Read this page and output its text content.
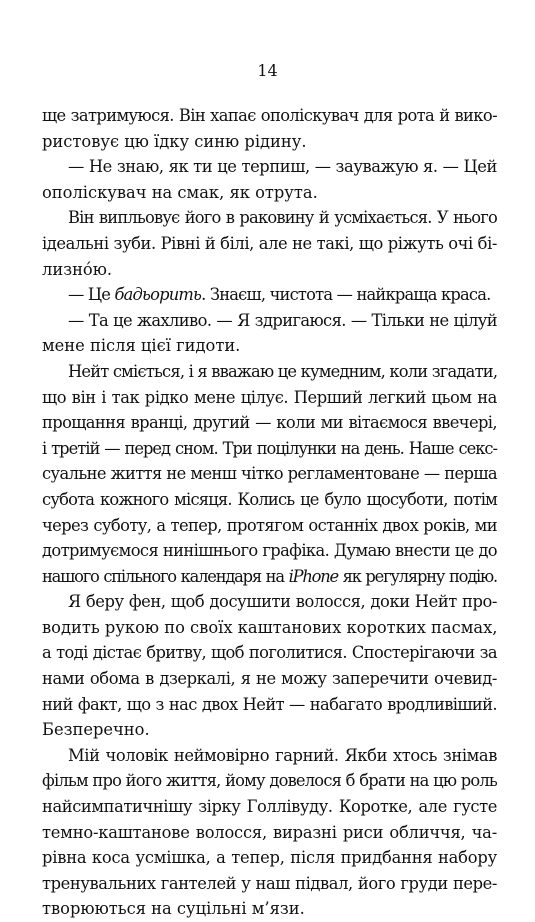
14

ще затримуюся. Він хапає ополіскувач для рота й вико-
ристовує цю їдку синю рідину.

— Не знаю, як ти це терпиш, — зауважую я. — Цей
ополіскувач на смак, як отрута.

Він випльовує його в раковину й усміхається. У нього
ідеальні зуби. Рівні й білі, але не такі, що ріжуть очі бі-
лизно́ю.

— Це бадьорить. Знаєш, чистота — найкраща краса.

— Та це жахливо. — Я здригаюся. — Тільки не цілуй
мене після цієї гидоти.

Нейт сміється, і я вважаю це кумедним, коли згадати,
що він і так рідко мене цілує. Перший легкий цьом на
прощання вранці, другий — коли ми вітаємося ввечері,
і третій — перед сном. Три поцілунки на день. Наше секс-
суальне життя не менш чітко регламентоване — перша
субота кожного місяця. Колись це було щосуботи, потім
через суботу, а тепер, протягом останніх двох років, ми
дотримуємося нинішнього графіка. Думаю внести це до
нашого спільного календаря на iPhone як регулярну подію.

Я беру фен, щоб досушити волосся, доки Нейт про-
водить рукою по своїх каштанових коротких пасмах,
а тоді дістає бритву, щоб поголитися. Спостерігаючи за
нами обома в дзеркалі, я не можу заперечити очевид-
ний факт, що з нас двох Нейт — набагато вродливіший.
Безперечно.

Мій чоловік неймовірно гарний. Якби хтось знімав
фільм про його життя, йому довелося б брати на цю роль
найсимпатичнішу зірку Голлівуду. Коротке, але густе
темно-каштанове волосся, виразні риси обличчя, ча-
рівна коса усмішка, а тепер, після придбання набору
тренувальних гантелей у наш підвал, його груди пере-
творюються на суцільні м’язи.
